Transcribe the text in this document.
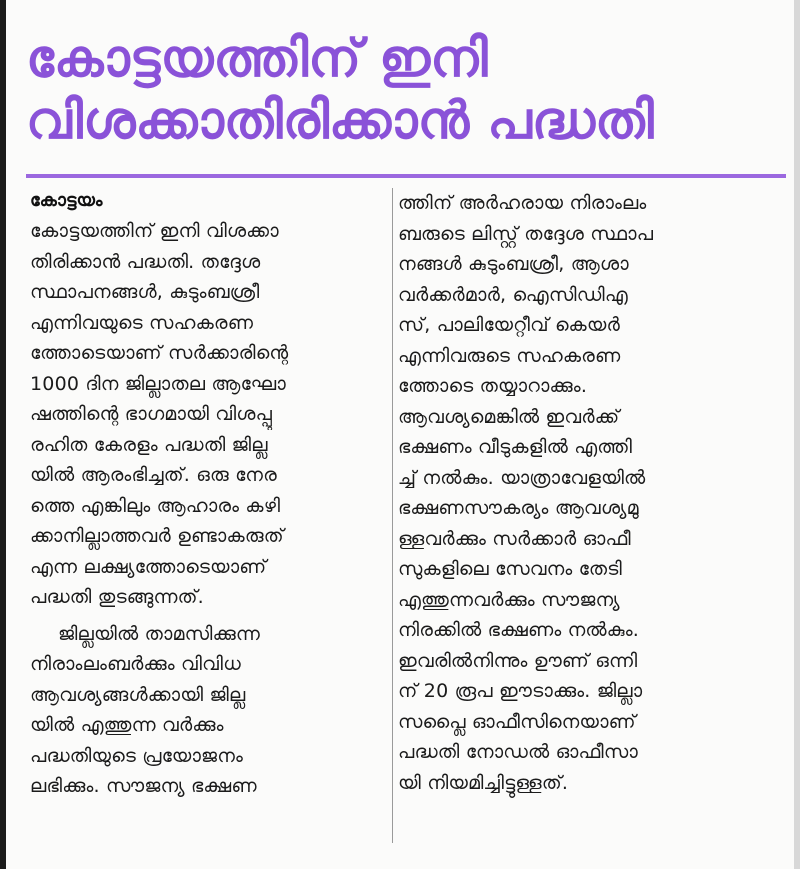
കോട്ടയത്തിന് ഇനി
വിശക്കാതിരിക്കാൻ പദ്ധതി
കോട്ടയം
കോട്ടയത്തിന് ഇനി വിശക്കാ
തിരിക്കാൻ പദ്ധതി. തദ്ദേശ
സ്ഥാപനങ്ങൾ, കുടുംബശ്രീ
എന്നിവയുടെ സഹകരണ
ത്തോടെയാണ് സർക്കാരിന്റെ
1000 ദിന ജില്ലാതല ആഘോ
ഷത്തിന്റെ ഭാഗമായി വിശപ്പു
രഹിത കേരളം പദ്ധതി ജില്ല
യിൽ ആരംഭിച്ചത്. ഒരു നേര
ത്തെ എങ്കിലും ആഹാരം കഴി
ക്കാനില്ലാത്തവർ ഉണ്ടാകരുത്
എന്ന ലക്ഷ്യത്തോടെയാണ്
പദ്ധതി തുടങ്ങുന്നത്.
ജില്ലയിൽ താമസിക്കുന്ന
നിരാംലംബർക്കും വിവിധ
ആവശ്യങ്ങൾക്കായി ജില്ല
യിൽ എത്തുന്ന വർക്കും
പദ്ധതിയുടെ പ്രയോജനം
ലഭിക്കും. സൗജന്യ ഭക്ഷണ
ത്തിന് അർഹരായ നിരാംലം
ബരുടെ ലിസ്റ്റ് തദ്ദേശ സ്ഥാപ
നങ്ങൾ കുടുംബശ്രീ, ആശാ
വർക്കർമാർ, ഐസിഡിഎ
സ്, പാലിയേറ്റീവ് കെയർ
എന്നിവരുടെ സഹകരണ
ത്തോടെ തയ്യാറാക്കും.
ആവശ്യമെങ്കിൽ ഇവർക്ക്
ഭക്ഷണം വീടുകളിൽ എത്തി
ച്ച് നൽകും. യാത്രാവേളയിൽ
ഭക്ഷണസൗകര്യം ആവശ്യമു
ള്ളവർക്കും സർക്കാർ ഓഫീ
സുകളിലെ സേവനം തേടി
എത്തുന്നവർക്കും സൗജന്യ
നിരക്കിൽ ഭക്ഷണം നൽകും.
ഇവരിൽനിന്നും ഊണ് ഒന്നി
ന് 20 രൂപ ഈടാക്കും. ജില്ലാ
സപ്ലൈ ഓഫീസിനെയാണ്
പദ്ധതി നോഡൽ ഓഫീസാ
യി നിയമിച്ചിട്ടുള്ളത്.
